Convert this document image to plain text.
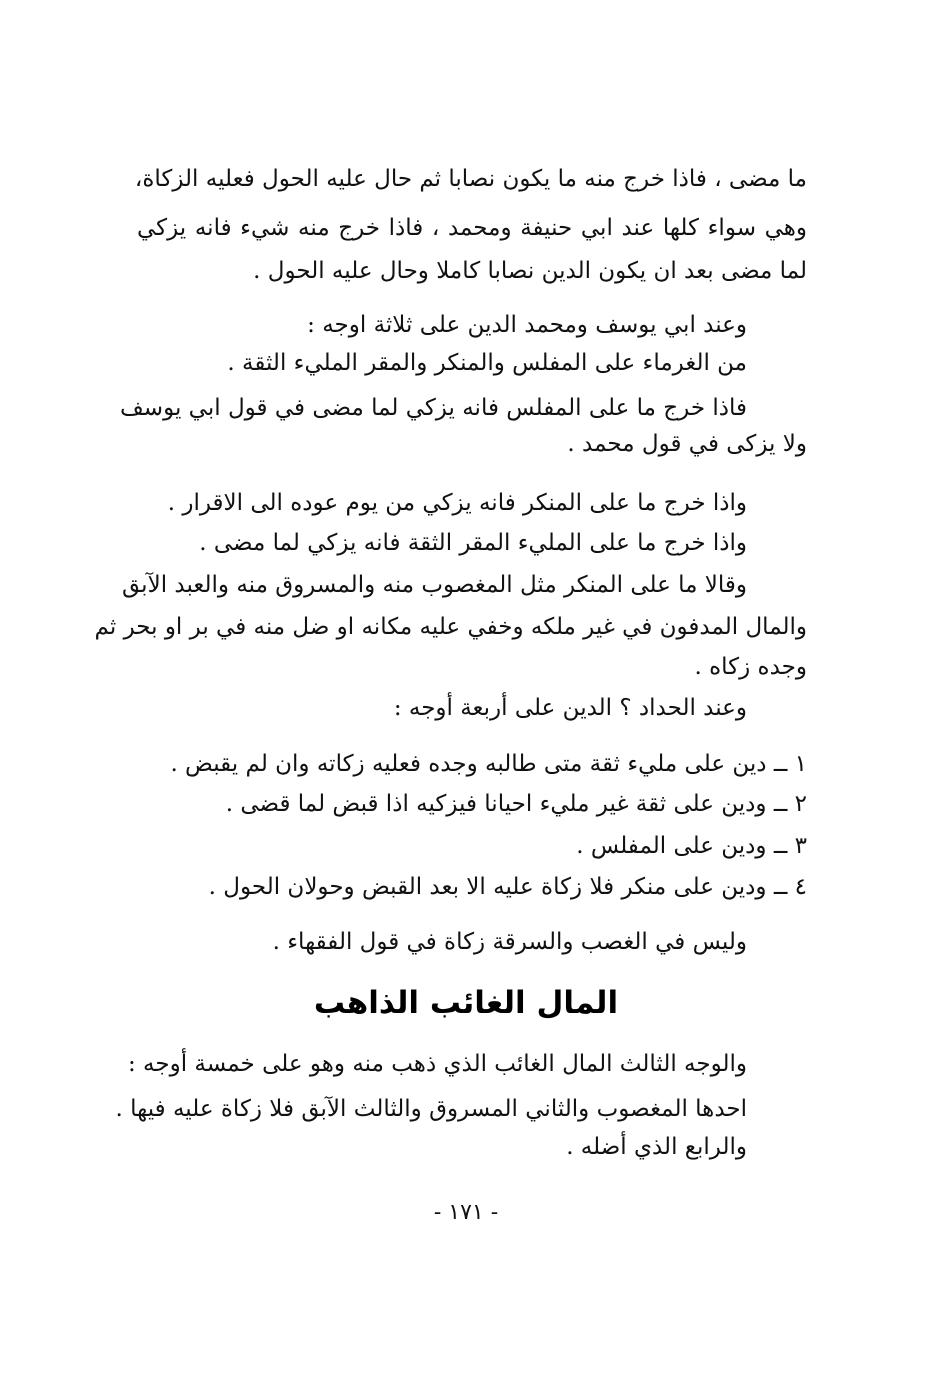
ما مضى ، فاذا خرج منه ما يكون نصابا ثم حال عليه الحول فعليه الزكاة،
وهي سواء كلها عند ابي حنيفة ومحمد ، فاذا خرج منه شيء فانه يزكي
لما مضى بعد ان يكون الدين نصابا كاملا وحال عليه الحول .
وعند ابي يوسف ومحمد الدين على ثلاثة اوجه :
من الغرماء على المفلس والمنكر والمقر المليء الثقة .
فاذا خرج ما على المفلس فانه يزكي لما مضى في قول ابي يوسف
ولا يزكى في قول محمد .
واذا خرج ما على المنكر فانه يزكي من يوم عوده الى الاقرار .
واذا خرج ما على المليء المقر الثقة فانه يزكي لما مضى .
وقالا ما على المنكر مثل المغصوب منه والمسروق منه والعبد الآبق
والمال المدفون في غير ملكه وخفي عليه مكانه او ضل منه في بر او بحر ثم
وجده زكاه .
وعند الحداد ؟ الدين على أربعة أوجه :
١ ــ دين على مليء ثقة متى طالبه وجده فعليه زكاته وان لم يقبض .
٢ ــ ودين على ثقة غير مليء احيانا فيزكيه اذا قبض لما قضى .
٣ ــ ودين على المفلس .
٤ ــ ودين على منكر فلا زكاة عليه الا بعد القبض وحولان الحول .
وليس في الغصب والسرقة زكاة في قول الفقهاء .
المال الغائب الذاهب
والوجه الثالث المال الغائب الذي ذهب منه وهو على خمسة أوجه :
احدها المغصوب والثاني المسروق والثالث الآبق فلا زكاة عليه فيها .
والرابع الذي أضله .
- ١٧١ -
